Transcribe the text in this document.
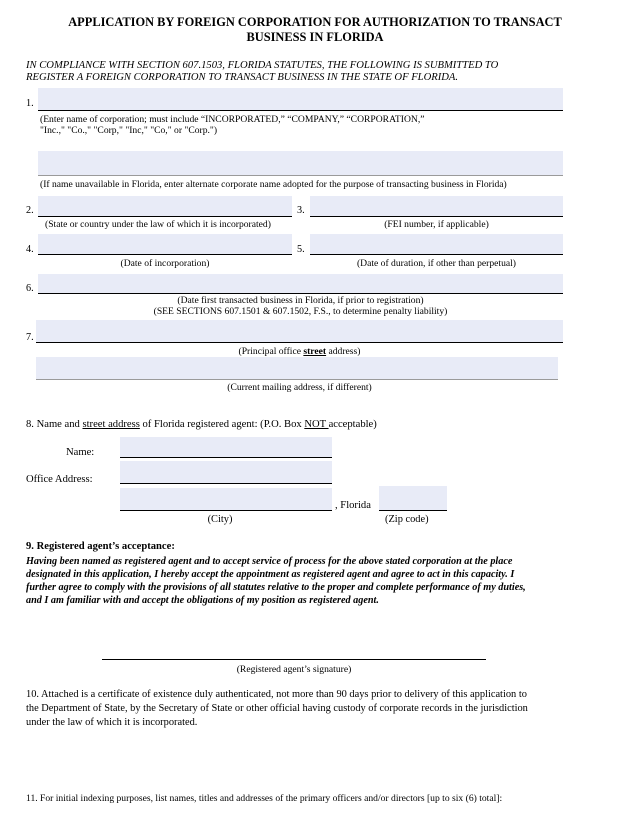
APPLICATION BY FOREIGN CORPORATION FOR AUTHORIZATION TO TRANSACT
BUSINESS IN FLORIDA
IN COMPLIANCE WITH SECTION 607.1503, FLORIDA STATUTES, THE FOLLOWING IS SUBMITTED TO
REGISTER A FOREIGN CORPORATION TO TRANSACT BUSINESS IN THE STATE OF FLORIDA.
1.
(Enter name of corporation; must include “INCORPORATED,” “COMPANY,” “CORPORATION,”
"Inc.," "Co.," "Corp," "Inc," "Co," or "Corp.")
(If name unavailable in Florida, enter alternate corporate name adopted for the purpose of transacting business in Florida)
2.
(State or country under the law of which it is incorporated)
3.
(FEI number, if applicable)
4.
(Date of incorporation)
5.
(Date of duration, if other than perpetual)
6.
(Date first transacted business in Florida, if prior to registration)
(SEE SECTIONS 607.1501 & 607.1502, F.S., to determine penalty liability)
7.
(Principal office street address)
(Current mailing address, if different)
8. Name and street address of Florida registered agent: (P.O. Box NOT acceptable)
Name:
Office Address:
, Florida
(City)	(Zip code)
9. Registered agent’s acceptance:
Having been named as registered agent and to accept service of process for the above stated corporation at the place
designated in this application, I hereby accept the appointment as registered agent and agree to act in this capacity. I
further agree to comply with the provisions of all statutes relative to the proper and complete performance of my duties,
and I am familiar with and accept the obligations of my position as registered agent.
(Registered agent’s signature)
10. Attached is a certificate of existence duly authenticated, not more than 90 days prior to delivery of this application to
the Department of State, by the Secretary of State or other official having custody of corporate records in the jurisdiction
under the law of which it is incorporated.
11. For initial indexing purposes, list names, titles and addresses of the primary officers and/or directors [up to six (6) total]:
